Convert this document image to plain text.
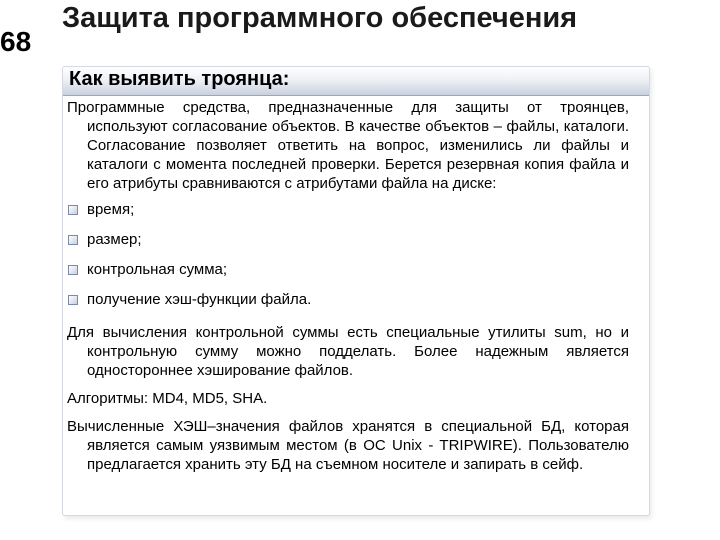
68
Защита программного обеспечения
Как выявить троянца:

Программные средства, предназначенные для защиты от троянцев, используют согласование объектов. В качестве объектов – файлы, каталоги. Согласование позволяет ответить на вопрос, изменились ли файлы и каталоги с момента последней проверки. Берется резервная копия файла и его атрибуты сравниваются с атрибутами файла на диске:

время;
размер;
контрольная сумма;
получение хэш-функции файла.

Для вычисления контрольной суммы есть специальные утилиты sum, но и контрольную сумму можно подделать. Более надежным является одностороннее хэширование файлов.

Алгоритмы: MD4, MD5, SHA.

Вычисленные ХЭШ–значения файлов хранятся в специальной БД, которая является самым уязвимым местом (в ОС Unix - TRIPWIRE). Пользователю предлагается хранить эту БД на съемном носителе и запирать в сейф.
